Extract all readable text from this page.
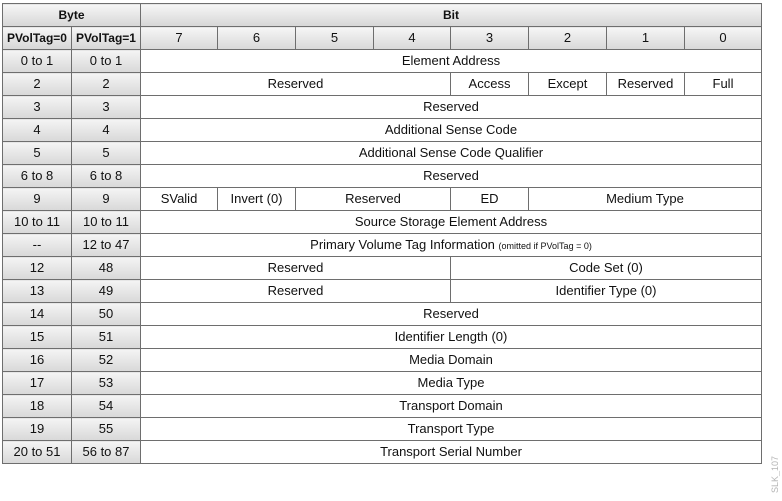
Byte		Bit							
PVolTag=0	PVolTag=1	7	6	5	4	3	2	1	0
0 to 1	0 to 1	Element Address							
2	2	Reserved				Access	Except	Reserved	Full
3	3	Reserved							
4	4	Additional Sense Code							
5	5	Additional Sense Code Qualifier							
6 to 8	6 to 8	Reserved							
9	9	SValid	Invert (0)	Reserved		ED	Medium Type		
10 to 11	10 to 11	Source Storage Element Address							
--	12 to 47	Primary Volume Tag Information (omitted if PVolTag = 0)							
12	48	Reserved				Code Set (0)			
13	49	Reserved				Identifier Type (0)			
14	50	Reserved							
15	51	Identifier Length (0)							
16	52	Media Domain							
17	53	Media Type							
18	54	Transport Domain							
19	55	Transport Type							
20 to 51	56 to 87	Transport Serial Number							
SLK_107
